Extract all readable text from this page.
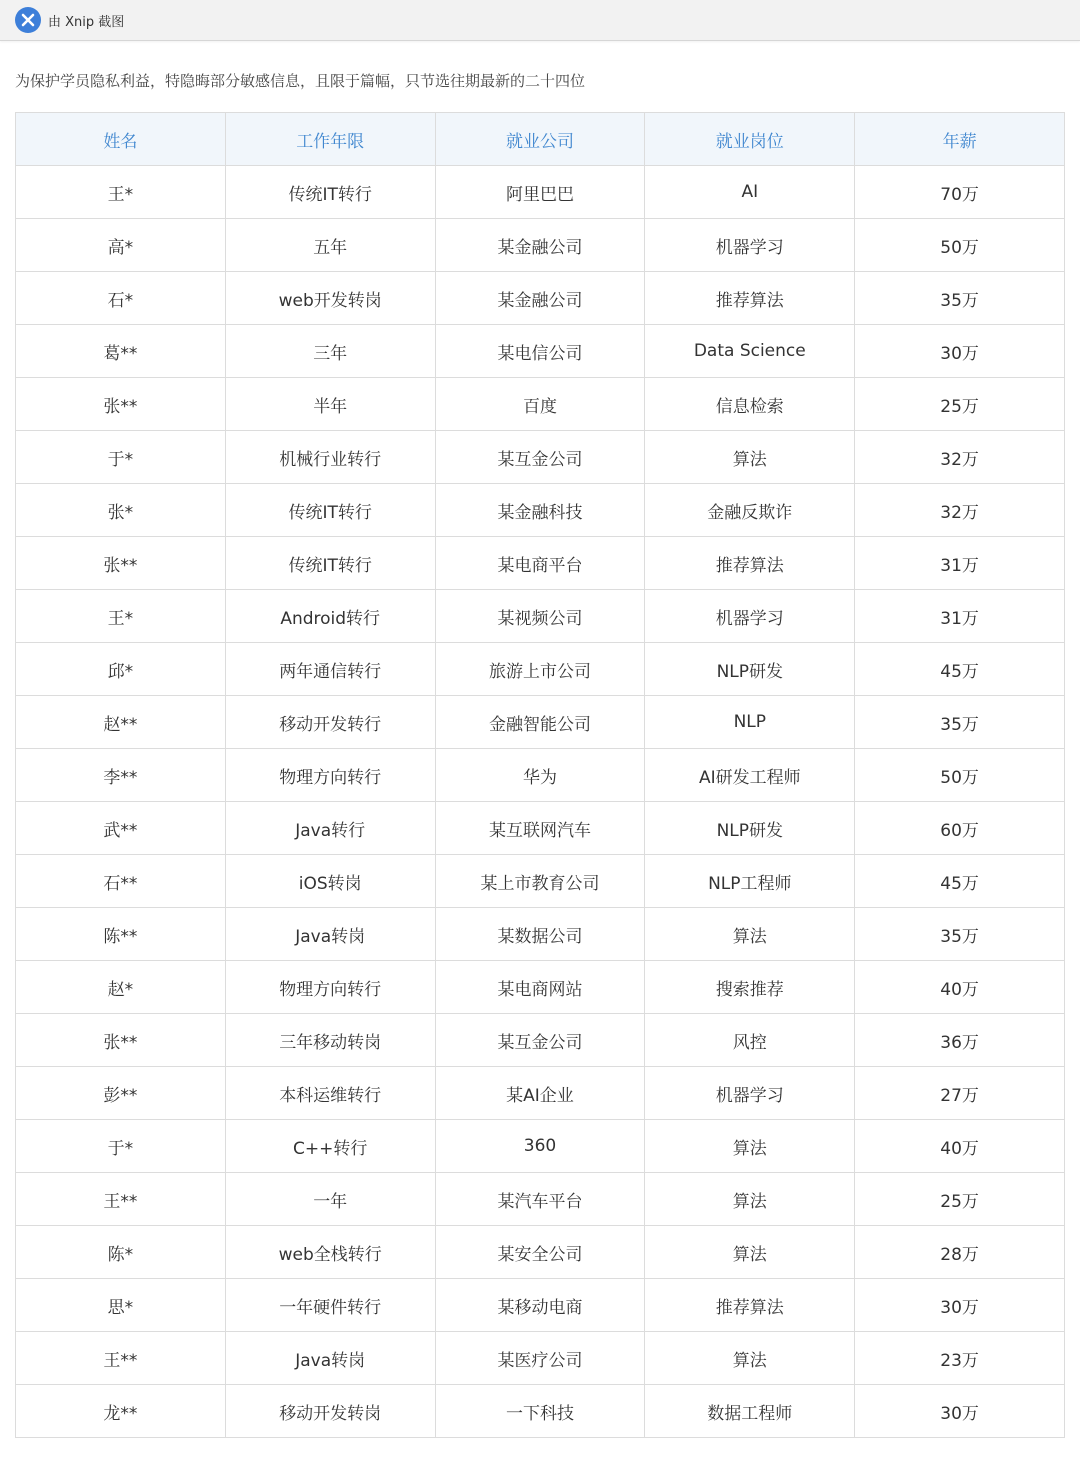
由 Xnip 截图
为保护学员隐私利益，特隐晦部分敏感信息，且限于篇幅，只节选往期最新的二十四位
姓名	工作年限	就业公司	就业岗位	年薪
王*	传统IT转行	阿里巴巴	AI	70万
高*	五年	某金融公司	机器学习	50万
石*	web开发转岗	某金融公司	推荐算法	35万
葛**	三年	某电信公司	Data Science	30万
张**	半年	百度	信息检索	25万
于*	机械行业转行	某互金公司	算法	32万
张*	传统IT转行	某金融科技	金融反欺诈	32万
张**	传统IT转行	某电商平台	推荐算法	31万
王*	Android转行	某视频公司	机器学习	31万
邱*	两年通信转行	旅游上市公司	NLP研发	45万
赵**	移动开发转行	金融智能公司	NLP	35万
李**	物理方向转行	华为	AI研发工程师	50万
武**	Java转行	某互联网汽车	NLP研发	60万
石**	iOS转岗	某上市教育公司	NLP工程师	45万
陈**	Java转岗	某数据公司	算法	35万
赵*	物理方向转行	某电商网站	搜索推荐	40万
张**	三年移动转岗	某互金公司	风控	36万
彭**	本科运维转行	某AI企业	机器学习	27万
于*	C++转行	360	算法	40万
王**	一年	某汽车平台	算法	25万
陈*	web全栈转行	某安全公司	算法	28万
思*	一年硬件转行	某移动电商	推荐算法	30万
王**	Java转岗	某医疗公司	算法	23万
龙**	移动开发转岗	一下科技	数据工程师	30万
